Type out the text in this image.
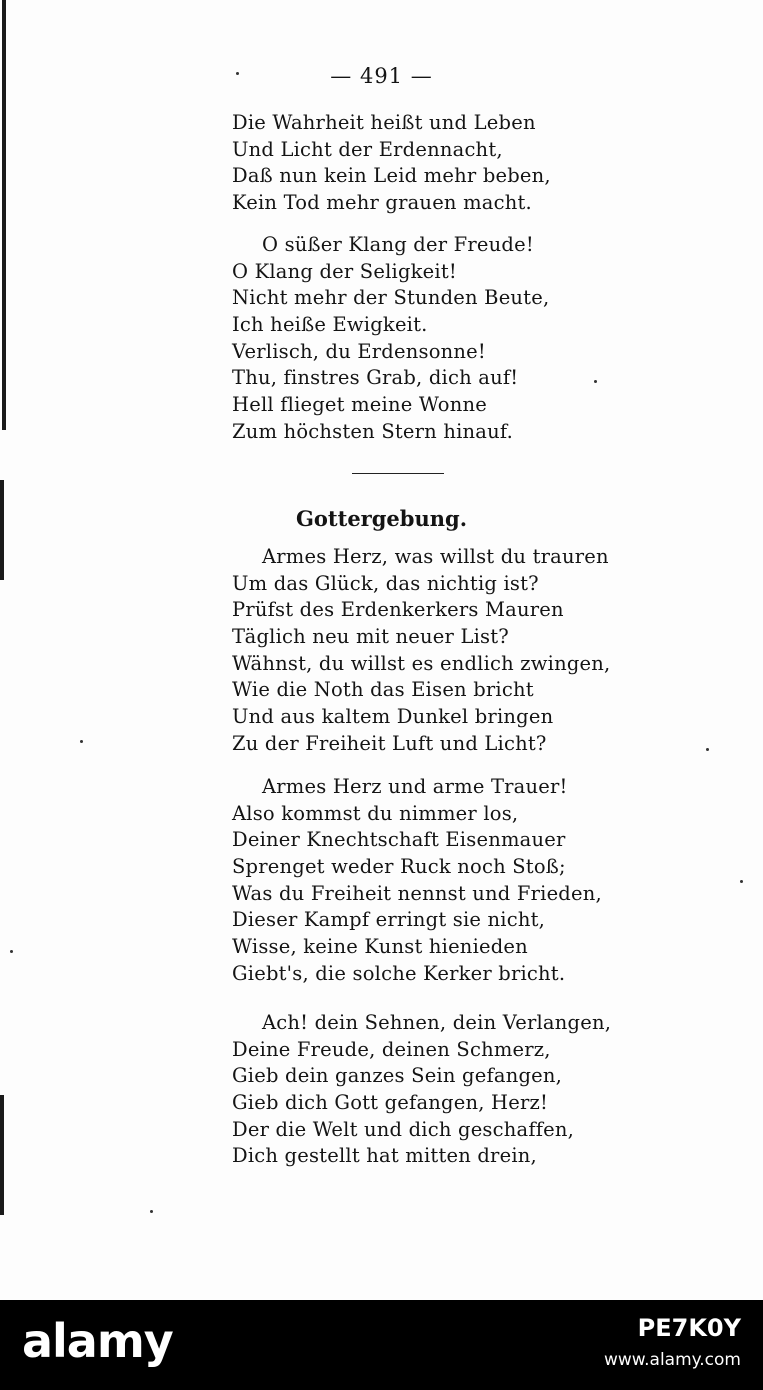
— 491 —
Die Wahrheit heißt und Leben
Und Licht der Erdennacht,
Daß nun kein Leid mehr beben,
Kein Tod mehr grauen macht.
O süßer Klang der Freude!
O Klang der Seligkeit!
Nicht mehr der Stunden Beute,
Ich heiße Ewigkeit.
Verlisch, du Erdensonne!
Thu, finstres Grab, dich auf!
Hell flieget meine Wonne
Zum höchsten Stern hinauf.
Gottergebung.
Armes Herz, was willst du trauren
Um das Glück, das nichtig ist?
Prüfst des Erdenkerkers Mauren
Täglich neu mit neuer List?
Wähnst, du willst es endlich zwingen,
Wie die Noth das Eisen bricht
Und aus kaltem Dunkel bringen
Zu der Freiheit Luft und Licht?
Armes Herz und arme Trauer!
Also kommst du nimmer los,
Deiner Knechtschaft Eisenmauer
Sprenget weder Ruck noch Stoß;
Was du Freiheit nennst und Frieden,
Dieser Kampf erringt sie nicht,
Wisse, keine Kunst hienieden
Giebt's, die solche Kerker bricht.
Ach! dein Sehnen, dein Verlangen,
Deine Freude, deinen Schmerz,
Gieb dein ganzes Sein gefangen,
Gieb dich Gott gefangen, Herz!
Der die Welt und dich geschaffen,
Dich gestellt hat mitten drein,
alamy	PE7K0Y
www.alamy.com
